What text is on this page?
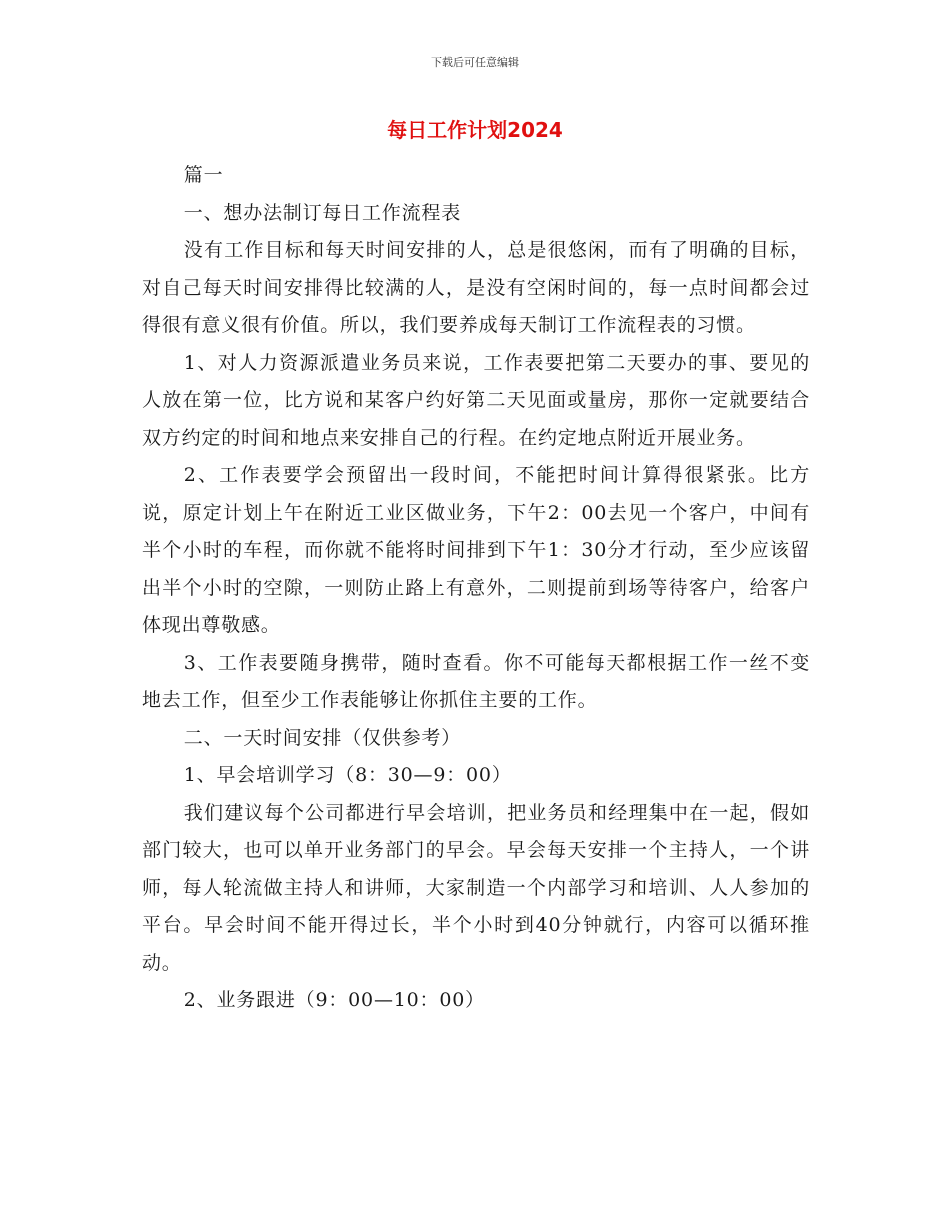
下载后可任意编辑
每日工作计划2024

篇一

一、想办法制订每日工作流程表

没有工作目标和每天时间安排的人，总是很悠闲，而有了明确的目标，对自己每天时间安排得比较满的人，是没有空闲时间的，每一点时间都会过得很有意义很有价值。所以，我们要养成每天制订工作流程表的习惯。

1、对人力资源派遣业务员来说，工作表要把第二天要办的事、要见的人放在第一位，比方说和某客户约好第二天见面或量房，那你一定就要结合双方约定的时间和地点来安排自己的行程。在约定地点附近开展业务。

2、工作表要学会预留出一段时间，不能把时间计算得很紧张。比方说，原定计划上午在附近工业区做业务，下午2：00去见一个客户，中间有半个小时的车程，而你就不能将时间排到下午1：30分才行动，至少应该留出半个小时的空隙，一则防止路上有意外，二则提前到场等待客户，给客户体现出尊敬感。

3、工作表要随身携带，随时查看。你不可能每天都根据工作一丝不变地去工作，但至少工作表能够让你抓住主要的工作。

二、一天时间安排（仅供参考）

1、早会培训学习（8：30—9：00）

我们建议每个公司都进行早会培训，把业务员和经理集中在一起，假如部门较大，也可以单开业务部门的早会。早会每天安排一个主持人，一个讲师，每人轮流做主持人和讲师，大家制造一个内部学习和培训、人人参加的平台。早会时间不能开得过长，半个小时到40分钟就行，内容可以循环推动。

2、业务跟进（9：00—10：00）
